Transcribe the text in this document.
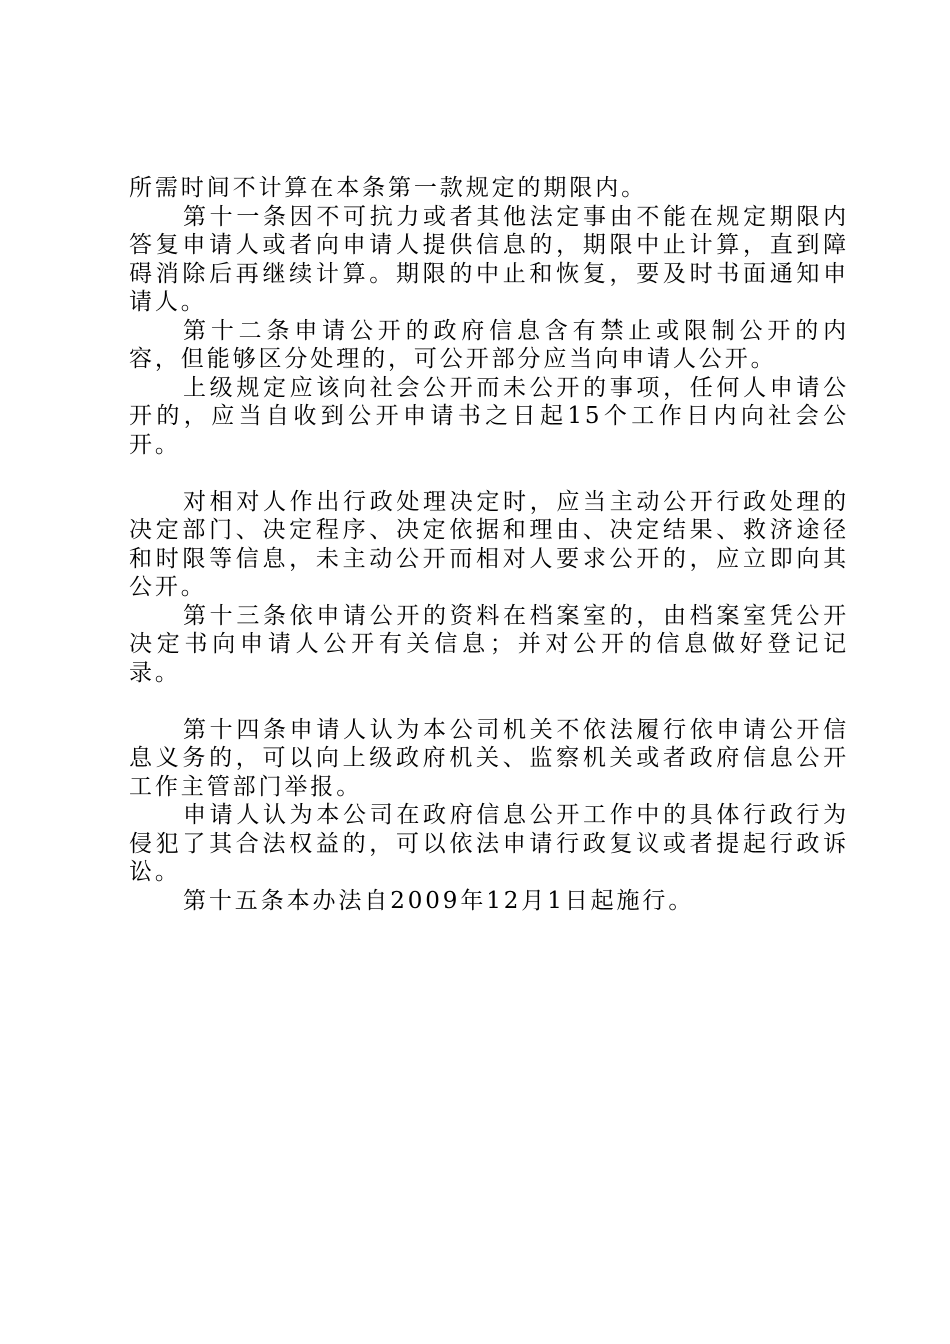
所需时间不计算在本条第一款规定的期限内。

第十一条因不可抗力或者其他法定事由不能在规定期限内答复申请人或者向申请人提供信息的，期限中止计算，直到障碍消除后再继续计算。期限的中止和恢复，要及时书面通知申请人。

第十二条申请公开的政府信息含有禁止或限制公开的内容，但能够区分处理的，可公开部分应当向申请人公开。

上级规定应该向社会公开而未公开的事项，任何人申请公开的，应当自收到公开申请书之日起15个工作日内向社会公开。

对相对人作出行政处理决定时，应当主动公开行政处理的决定部门、决定程序、决定依据和理由、决定结果、救济途径和时限等信息，未主动公开而相对人要求公开的，应立即向其公开。

第十三条依申请公开的资料在档案室的，由档案室凭公开决定书向申请人公开有关信息；并对公开的信息做好登记记录。

第十四条申请人认为本公司机关不依法履行依申请公开信息义务的，可以向上级政府机关、监察机关或者政府信息公开工作主管部门举报。

申请人认为本公司在政府信息公开工作中的具体行政行为侵犯了其合法权益的，可以依法申请行政复议或者提起行政诉讼。

第十五条本办法自2009年12月1日起施行。
